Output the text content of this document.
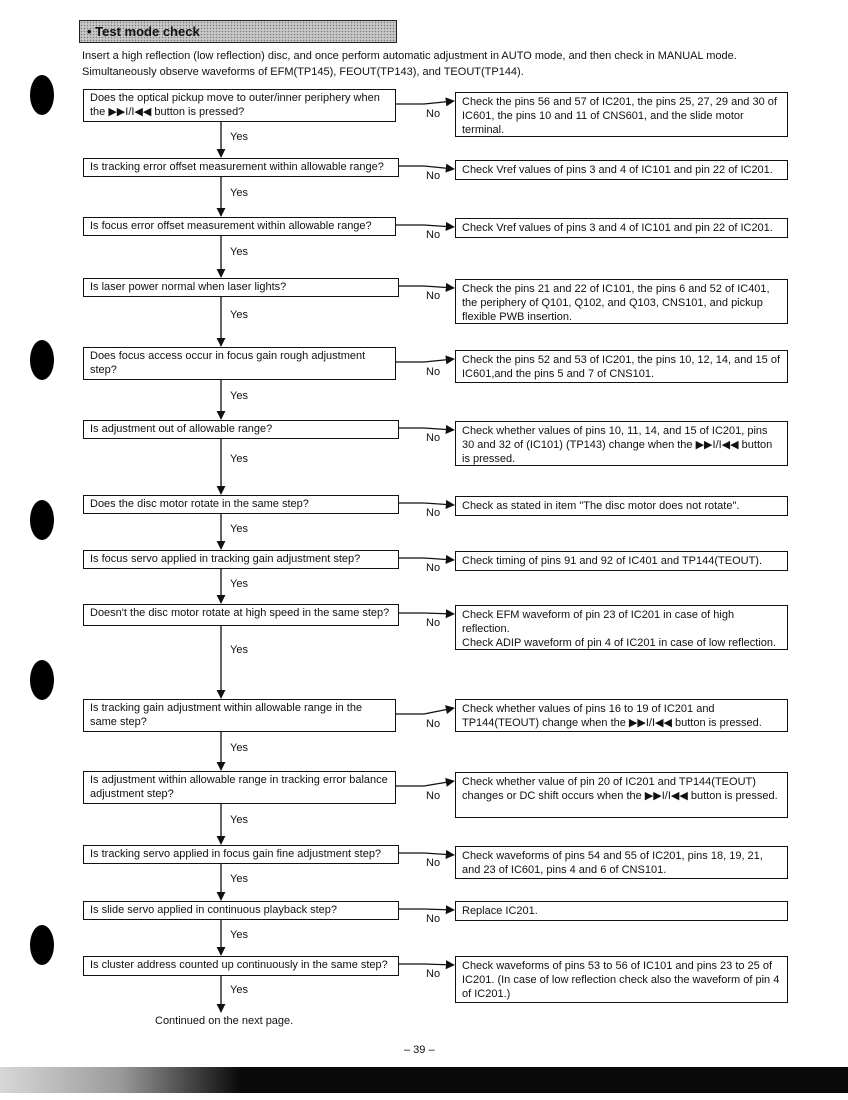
• Test mode check
Insert a high reflection (low reflection) disc, and once perform automatic adjustment in AUTO mode, and then check in MANUAL mode.
Simultaneously observe waveforms of EFM(TP145), FEOUT(TP143), and TEOUT(TP144).
Does the optical pickup move to outer/inner periphery when the ▶▶I/I◀◀ button is pressed?
Check the pins 56 and 57 of IC201, the pins 25, 27, 29 and 30 of IC601, the pins 10 and 11 of CNS601, and the slide motor terminal.
Is tracking error offset measurement within allowable range?	Check Vref values of pins 3 and 4 of IC101 and pin 22 of IC201.
Is focus error offset measurement within allowable range?	Check Vref values of pins 3 and 4 of IC101 and pin 22 of IC201.
Is laser power normal when laser lights?	Check the pins 21 and 22 of IC101, the pins 6 and 52 of IC401, the periphery of Q101, Q102, and Q103, CNS101, and pickup flexible PWB insertion.
Does focus access occur in focus gain rough adjustment step?
Check the pins 52 and 53 of IC201, the pins 10, 12, 14, and 15 of IC601,and the pins 5 and 7 of CNS101.
Is adjustment out of allowable range?	Check whether values of pins 10, 11, 14, and 15 of IC201, pins 30 and 32 of (IC101) (TP143) change when the ▶▶I/I◀◀ button is pressed.
Does the disc motor rotate in the same step?	Check as stated in item "The disc motor does not rotate".
Is focus servo applied in tracking gain adjustment step?	Check timing of pins 91 and 92 of IC401 and TP144(TEOUT).
Doesn't the disc motor rotate at high speed in the same step?	Check EFM waveform of pin 23 of IC201 in case of high reflection.
Check ADIP waveform of pin 4 of IC201 in case of low reflection.
Is tracking gain adjustment within allowable range in the same step?
Check whether values of pins 16 to 19 of IC201 and TP144(TEOUT) change when the ▶▶I/I◀◀ button is pressed.
Is adjustment within allowable range in tracking error balance adjustment step?
Check whether value of pin 20 of IC201 and TP144(TEOUT) changes or DC shift occurs when the ▶▶I/I◀◀ button is pressed.
Is tracking servo applied in focus gain fine adjustment step?	Check waveforms of pins 54 and 55 of IC201, pins 18, 19, 21, and 23 of IC601, pins 4 and 6 of CNS101.
Is slide servo applied in continuous playback step?	Replace IC201.
Is cluster address counted up continuously in the same step?	Check waveforms of pins 53 to 56 of IC101 and pins 23 to 25 of IC201. (In case of low reflection check also the waveform of pin 4 of IC201.)
Continued on the next page.
– 39 –
No
Yes
No
Yes
No
Yes
No
Yes
No
Yes
No
Yes
No
Yes
No
Yes
No
Yes
No
Yes
No
Yes
No
Yes
No
Yes
No
Yes
